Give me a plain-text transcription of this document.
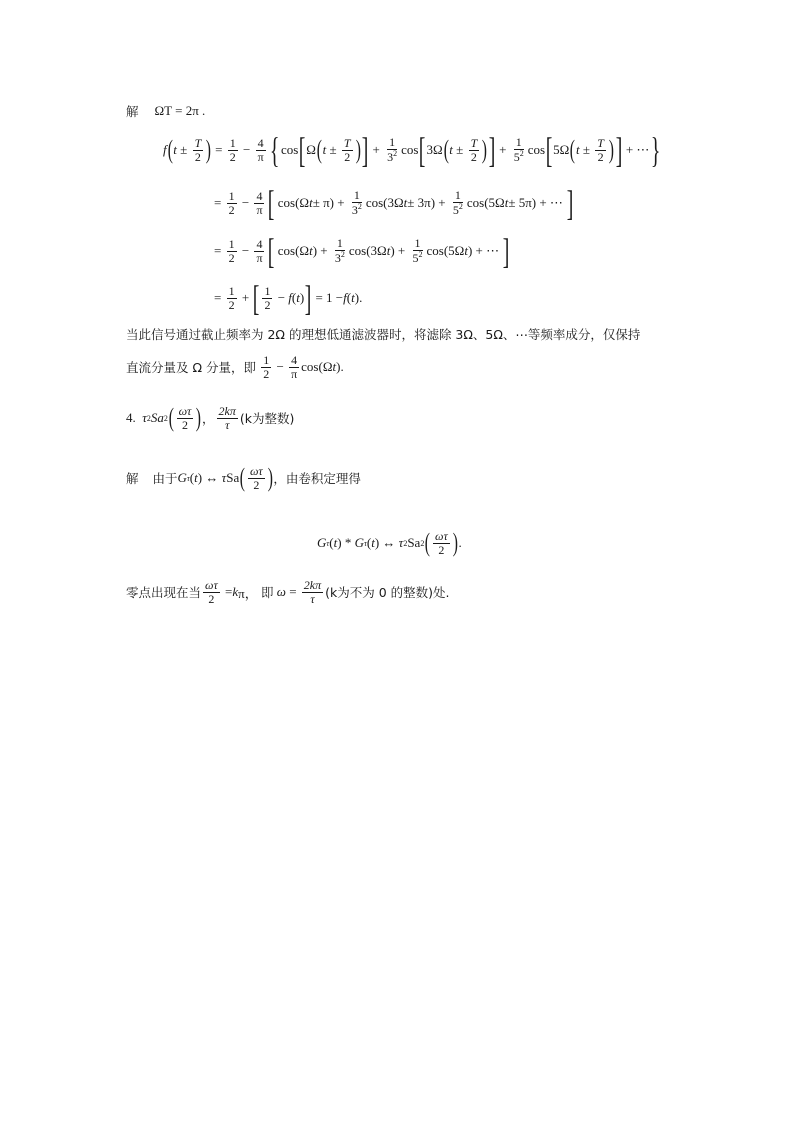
解 ΩT = 2π .
f ( $t \pm \frac{T}{2}$ ) = $\frac{1}{2} - \frac{4}{\pi}$ { cos [ Ω ( $t \pm \frac{T}{2}$ ) ] + $\frac{1}{3^2}$ cos [ 3Ω ( $t \pm \frac{T}{2}$ ) ] + $\frac{1}{5^2}$ cos [ 5Ω ( $t \pm \frac{T}{2}$ ) ] + ⋯ }
= $\frac{1}{2} - \frac{4}{\pi}$ [ cos(Ω $t \pm \pi) + \frac{1}{3^2} \cos(3\Omega$ $t \pm 3\pi) + \frac{1}{5^2} \cos(5\Omega$ t ± 5π) + ⋯ ]
= $\frac{1}{2} - \frac{4}{\pi}$ [ cos(Ω t ) + $\frac{1}{3^2} \cos(3\Omega$ t ) + $\frac{1}{5^2} \cos(5\Omega$ t ) + ⋯ ]
= $\frac{1}{2}$ + [ $\frac{1}{2} - f$ ( t ) ] = 1 − f ( t ).
当此信号通过截止频率为 2Ω 的理想低通滤波器时，将滤除 3Ω、5Ω、⋯等频率成分，仅保持
直流分量及 Ω 分量，即
$\frac{1}{2} - \frac{4}{\pi} \cos(\Omega$ t ).
4.
τ 2 Sa 2 ( $\frac{\omega\tau}{2}$ ) ， $\frac{2k\pi}{\tau} (k$为整数)
解 由于 G τ ( t ) ↔ τ Sa ( $\frac{\omega\tau}{2}$ ) ，由卷积定理得
G τ ( t ) * G τ ( t ) ↔ τ 2 Sa 2 ( $\frac{\omega\tau}{2}$ ) .
零点出现在当 $\frac{\omega\tau}{2} = k$ π， 即
$\omega = \frac{2k\pi}{\tau} (k$为不为 0 的整数)处.
